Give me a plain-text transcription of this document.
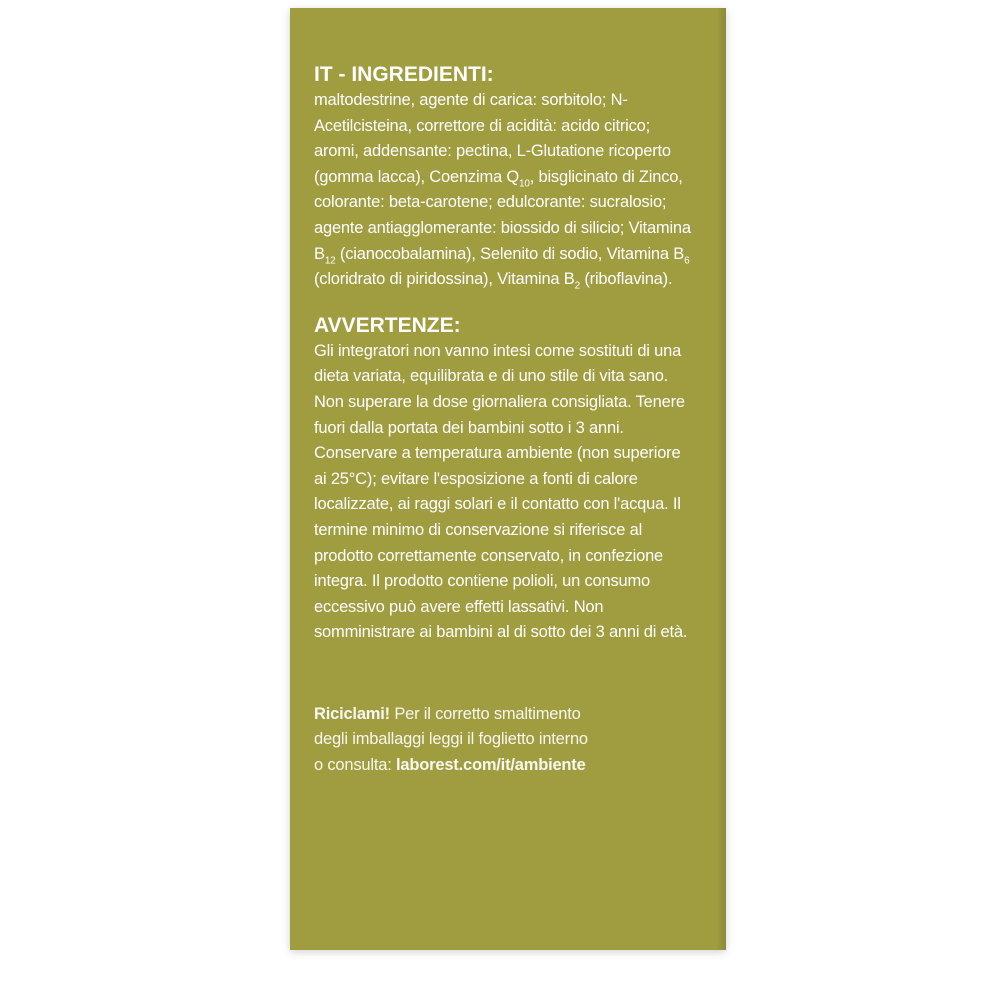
IT - INGREDIENTI:

maltodestrine, agente di carica: sorbitolo; N-Acetilcisteina, correttore di acidità: acido citrico; aromi, addensante: pectina, L-Glutatione ricoperto (gomma lacca), Coenzima $Q_{10}$, bisglicinato di Zinco, colorante: beta-carotene; edulcorante: sucralosio; agente antiagglomerante: biossido di silicio; Vitamina $B_{12}$ (cianocobalamina), Selenito di sodio, Vitamina $B_6$ (cloridrato di piridossina), Vitamina $B_2$ (riboflavina).

AVVERTENZE:

Gli integratori non vanno intesi come sostituti di una dieta variata, equilibrata e di uno stile di vita sano. Non superare la dose giornaliera consigliata. Tenere fuori dalla portata dei bambini sotto i 3 anni. Conservare a temperatura ambiente (non superiore ai 25°C); evitare l'esposizione a fonti di calore localizzate, ai raggi solari e il contatto con l'acqua. Il termine minimo di conservazione si riferisce al prodotto correttamente conservato, in confezione integra. Il prodotto contiene polioli, un consumo eccessivo può avere effetti lassativi. Non somministrare ai bambini al di sotto dei 3 anni di età.

Riciclami! Per il corretto smaltimento
degli imballaggi leggi il foglietto interno
o consulta: laborest.com/it/ambiente
